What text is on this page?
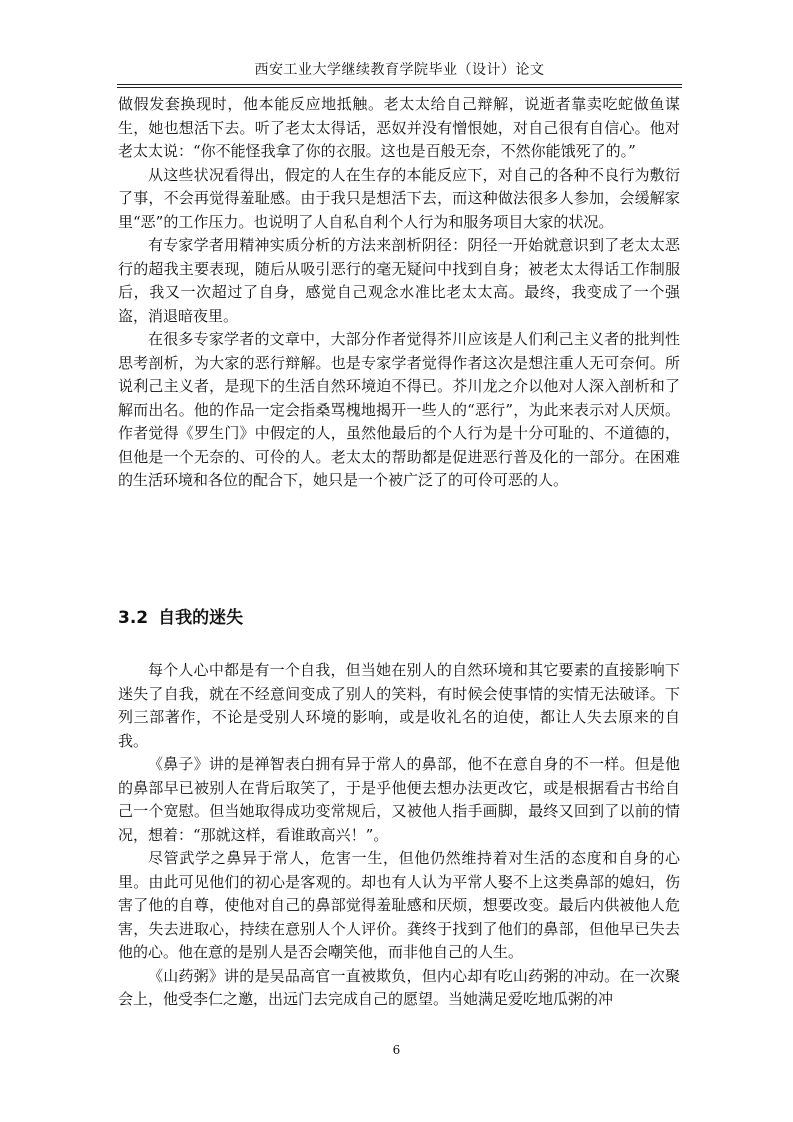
西安工业大学继续教育学院毕业（设计）论文

做假发套换现时，他本能反应地抵触。老太太给自己辩解，说逝者靠卖吃蛇做鱼谋生，她也想活下去。听了老太太得话，恶奴并没有憎恨她，对自己很有自信心。他对老太太说：“你不能怪我拿了你的衣服。这也是百般无奈，不然你能饿死了的。”

从这些状况看得出，假定的人在生存的本能反应下，对自己的各种不良行为敷衍了事，不会再觉得羞耻感。由于我只是想活下去，而这种做法很多人参加，会缓解家里“恶”的工作压力。也说明了人自私自利个人行为和服务项目大家的状况。

有专家学者用精神实质分析的方法来剖析阴径：阴径一开始就意识到了老太太恶行的超我主要表现，随后从吸引恶行的毫无疑问中找到自身；被老太太得话工作制服后，我又一次超过了自身，感觉自己观念水准比老太太高。最终，我变成了一个强盗，消退暗夜里。

在很多专家学者的文章中，大部分作者觉得芥川应该是人们利己主义者的批判性思考剖析，为大家的恶行辩解。也是专家学者觉得作者这次是想注重人无可奈何。所说利己主义者，是现下的生活自然环境迫不得已。芥川龙之介以他对人深入剖析和了解而出名。他的作品一定会指桑骂槐地揭开一些人的“恶行”，为此来表示对人厌烦。作者觉得《罗生门》中假定的人，虽然他最后的个人行为是十分可耻的、不道德的，但他是一个无奈的、可伶的人。老太太的帮助都是促进恶行普及化的一部分。在困难的生活环境和各位的配合下，她只是一个被广泛了的可伶可恶的人。

3.2 自我的迷失

每个人心中都是有一个自我，但当她在别人的自然环境和其它要素的直接影响下迷失了自我，就在不经意间变成了别人的笑料，有时候会使事情的实情无法破译。下列三部著作，不论是受别人环境的影响，或是收礼名的迫使，都让人失去原来的自我。

《鼻子》讲的是禅智表白拥有异于常人的鼻部，他不在意自身的不一样。但是他的鼻部早已被别人在背后取笑了，于是乎他便去想办法更改它，或是根据看古书给自己一个宽慰。但当她取得成功变常规后，又被他人指手画脚，最终又回到了以前的情况，想着：“那就这样，看谁敢高兴！”。

尽管武学之鼻异于常人，危害一生，但他仍然维持着对生活的态度和自身的心里。由此可见他们的初心是客观的。却也有人认为平常人娶不上这类鼻部的媳妇，伤害了他的自尊，使他对自己的鼻部觉得羞耻感和厌烦，想要改变。最后内供被他人危害，失去进取心，持续在意别人个人评价。龚终于找到了他们的鼻部，但他早已失去他的心。他在意的是别人是否会嘲笑他，而非他自己的人生。

《山药粥》讲的是吴品高官一直被欺负，但内心却有吃山药粥的冲动。在一次聚会上，他受李仁之邀，出远门去完成自己的愿望。当她满足爱吃地瓜粥的冲

6
